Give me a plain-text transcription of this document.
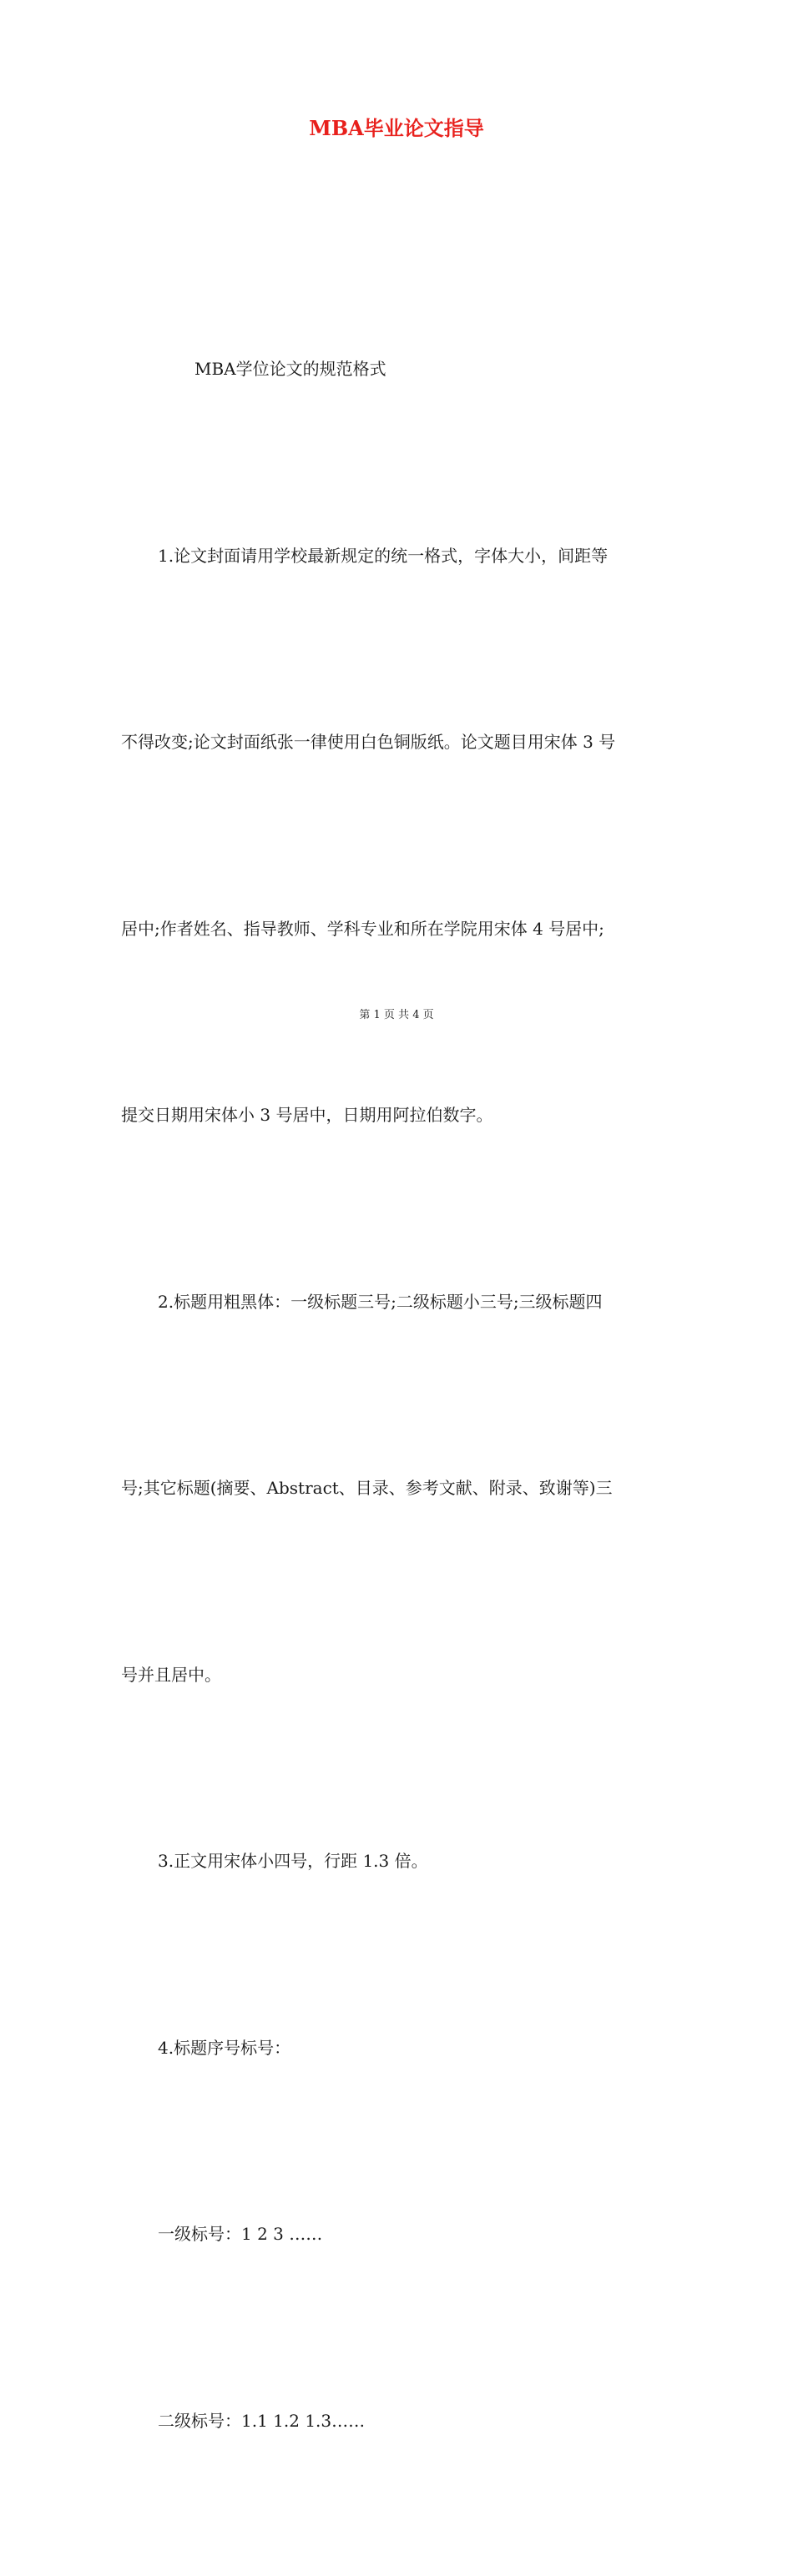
MBA毕业论文指导

MBA学位论文的规范格式

1.论文封面请用学校最新规定的统一格式，字体大小，间距等

不得改变;论文封面纸张一律使用白色铜版纸。论文题目用宋体 3 号

居中;作者姓名、指导教师、学科专业和所在学院用宋体 4 号居中;

提交日期用宋体小 3 号居中，日期用阿拉伯数字。

2.标题用粗黑体：一级标题三号;二级标题小三号;三级标题四

号;其它标题(摘要、Abstract、目录、参考文献、附录、致谢等)三

号并且居中。

3.正文用宋体小四号，行距 1.3 倍。

4.标题序号标号：

一级标号：1 2 3 ……

二级标号：1.1 1.2 1.3……

第 1 页 共 4 页
